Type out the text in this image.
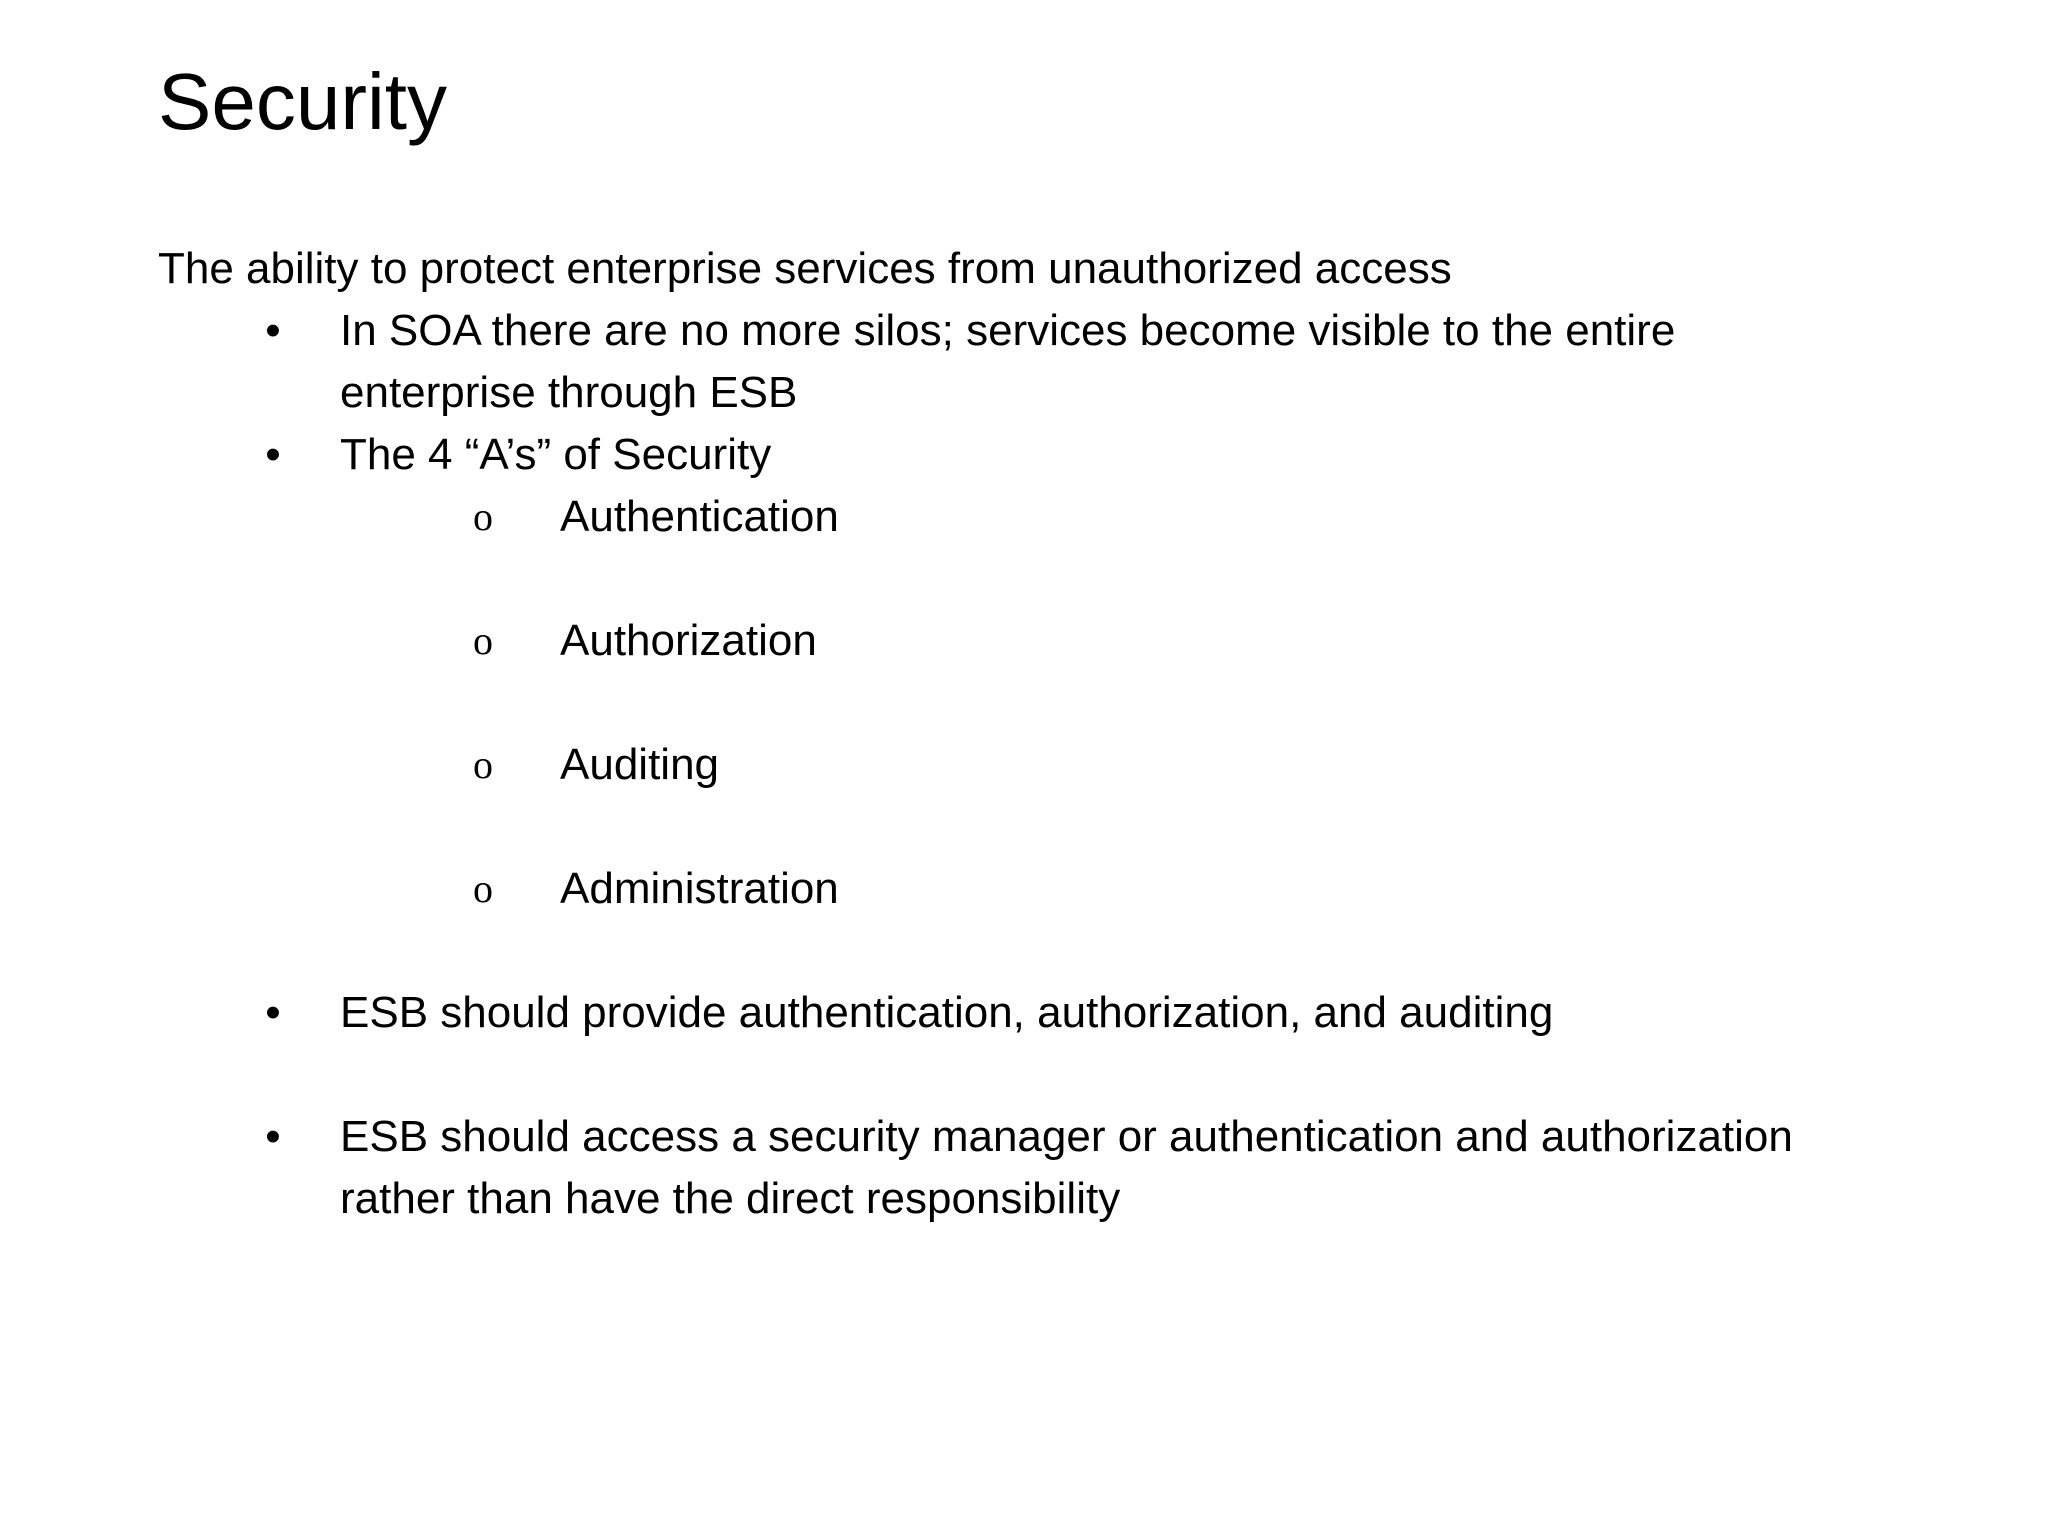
Security
The ability to protect enterprise services from unauthorized access
• In SOA there are no more silos; services become visible to the entire
enterprise through ESB
• The 4 “A’s” of Security
o Authentication
o Authorization
o Auditing
o Administration
• ESB should provide authentication, authorization, and auditing
• ESB should access a security manager or authentication and authorization
rather than have the direct responsibility
